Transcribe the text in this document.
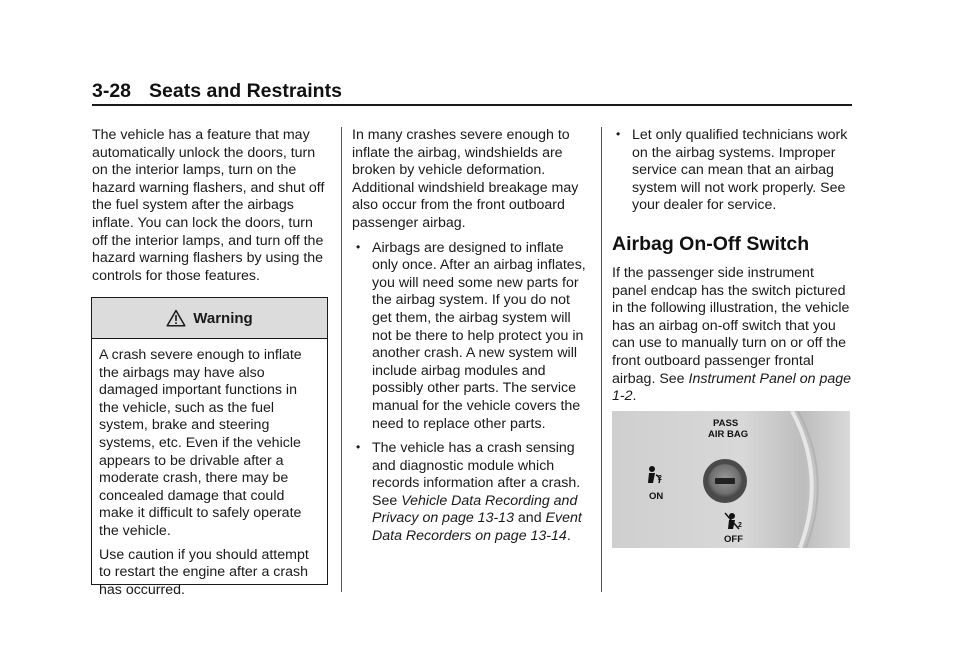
3-28 Seats and Restraints

The vehicle has a feature that may automatically unlock the doors, turn on the interior lamps, turn on the hazard warning flashers, and shut off the fuel system after the airbags inflate. You can lock the doors, turn off the interior lamps, and turn off the hazard warning flashers by using the controls for those features.

Warning

A crash severe enough to inflate the airbags may have also damaged important functions in the vehicle, such as the fuel system, brake and steering systems, etc. Even if the vehicle appears to be drivable after a moderate crash, there may be concealed damage that could make it difficult to safely operate the vehicle.

Use caution if you should attempt to restart the engine after a crash has occurred.

In many crashes severe enough to inflate the airbag, windshields are broken by vehicle deformation. Additional windshield breakage may also occur from the front outboard passenger airbag.

• Airbags are designed to inflate only once. After an airbag inflates, you will need some new parts for the airbag system. If you do not get them, the airbag system will not be there to help protect you in another crash. A new system will include airbag modules and possibly other parts. The service manual for the vehicle covers the need to replace other parts.
• The vehicle has a crash sensing and diagnostic module which records information after a crash. See Vehicle Data Recording and Privacy on page 13-13 and Event Data Recorders on page 13-14.
• Let only qualified technicians work on the airbag systems. Improper service can mean that an airbag system will not work properly. See your dealer for service.
Airbag On-Off Switch

If the passenger side instrument panel endcap has the switch pictured in the following illustration, the vehicle has an airbag on-off switch that you can use to manually turn on or off the front outboard passenger frontal airbag. See Instrument Panel on page 1-2.

PASS
AIR BAG
2
2
ON
OFF
